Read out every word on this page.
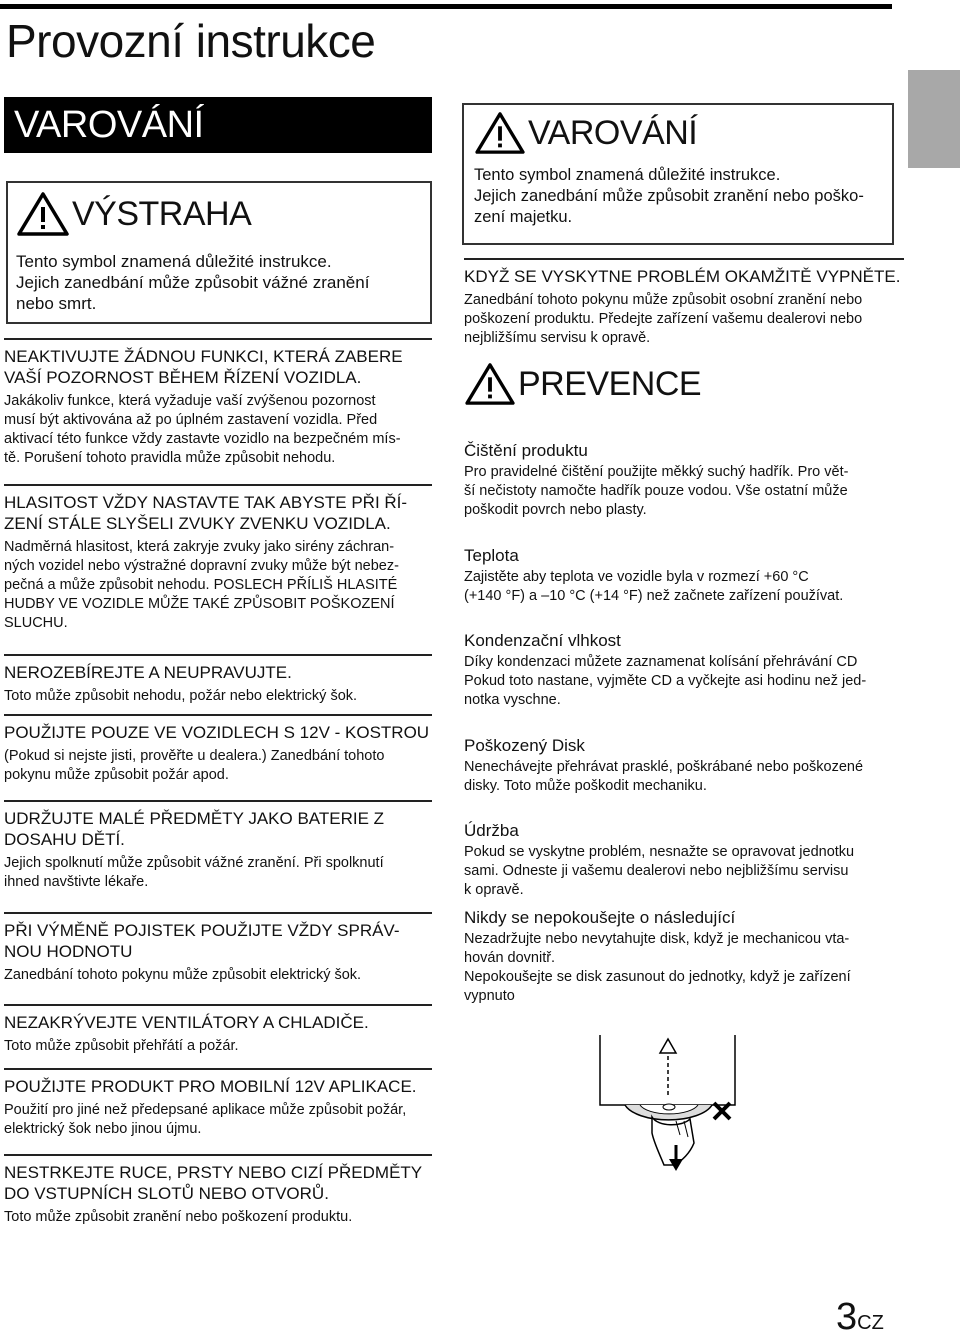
Provozní instrukce
VAROVÁNÍ
VÝSTRAHA
Tento symbol znamená důležité instrukce.
Jejich zanedbání může způsobit vážné zranění
nebo smrt.
NEAKTIVUJTE ŽÁDNOU FUNKCI, KTERÁ ZABERE
VAŠÍ POZORNOST BĚHEM ŘÍZENÍ VOZIDLA.
Jakákoliv funkce, která vyžaduje vaší zvýšenou pozornost
musí být aktivována až po úplném zastavení vozidla. Před
aktivací této funkce vždy zastavte vozidlo na bezpečném mís-
tě. Porušení tohoto pravidla může způsobit nehodu.
HLASITOST VŽDY NASTAVTE TAK ABYSTE PŘI ŘÍ-
ZENÍ STÁLE SLYŠELI ZVUKY ZVENKU VOZIDLA.
Nadměrná hlasitost, která zakryje zvuky jako sirény záchran-
ných vozidel nebo výstražné dopravní zvuky může být nebez-
pečná a může způsobit nehodu. POSLECH PŘÍLIŠ HLASITÉ
HUDBY VE VOZIDLE MŮŽE TAKÉ ZPŮSOBIT POŠKOZENÍ
SLUCHU.
NEROZEBÍREJTE A NEUPRAVUJTE.
Toto může způsobit nehodu, požár nebo elektrický šok.
POUŽIJTE POUZE VE VOZIDLECH S 12V - KOSTROU
(Pokud si nejste jisti, prověřte u dealera.) Zanedbání tohoto
pokynu může způsobit požár apod.
UDRŽUJTE MALÉ PŘEDMĚTY JAKO BATERIE Z
DOSAHU DĚTÍ.
Jejich spolknutí může způsobit vážné zranění. Při spolknutí
ihned navštivte lékaře.
PŘI VÝMĚNĚ POJISTEK POUŽIJTE VŽDY SPRÁV-
NOU HODNOTU
Zanedbání tohoto pokynu může způsobit elektrický šok.
NEZAKRÝVEJTE VENTILÁTORY A CHLADIČE.
Toto může způsobit přehřátí a požár.
POUŽIJTE PRODUKT PRO MOBILNÍ 12V APLIKACE.
Použití pro jiné než předepsané aplikace může způsobit požár,
elektrický šok nebo jinou újmu.
NESTRKEJTE RUCE, PRSTY NEBO CIZÍ PŘEDMĚTY
DO VSTUPNÍCH SLOTŮ NEBO OTVORŮ.
Toto může způsobit zranění nebo poškození produktu.
VAROVÁNÍ
Tento symbol znamená důležité instrukce.
Jejich zanedbání může způsobit zranění nebo poško-
zení majetku.
KDYŽ SE VYSKYTNE PROBLÉM OKAMŽITĚ VYPNĚTE.
Zanedbání tohoto pokynu může způsobit osobní zranění nebo
poškození produktu. Předejte zařízení vašemu dealerovi nebo
nejbližšímu servisu k opravě.
PREVENCE
Čištění produktu
Pro pravidelné čištění použijte měkký suchý hadřík. Pro vět-
ší nečistoty namočte hadřík pouze vodou. Vše ostatní může
poškodit povrch nebo plasty.
Teplota
Zajistěte aby teplota ve vozidle byla v rozmezí +60 °C
(+140 °F) a –10 °C (+14 °F) než začnete zařízení používat.
Kondenzační vlhkost
Díky kondenzaci můžete zaznamenat kolísání přehrávání CD
Pokud toto nastane, vyjměte CD a vyčkejte asi hodinu než jed-
notka vyschne.
Poškozený Disk
Nenechávejte přehrávat prasklé, poškrábané nebo poškozené
disky. Toto může poškodit mechaniku.
Údržba
Pokud se vyskytne problém, nesnažte se opravovat jednotku
sami. Odneste ji vašemu dealerovi nebo nejbližšímu servisu
k opravě.
Nikdy se nepokoušejte o následující
Nezadržujte nebo nevytahujte disk, když je mechanicou vta-
hován dovnitř.
Nepokoušejte se disk zasunout do jednotky, když je zařízení
vypnuto
3CZ
